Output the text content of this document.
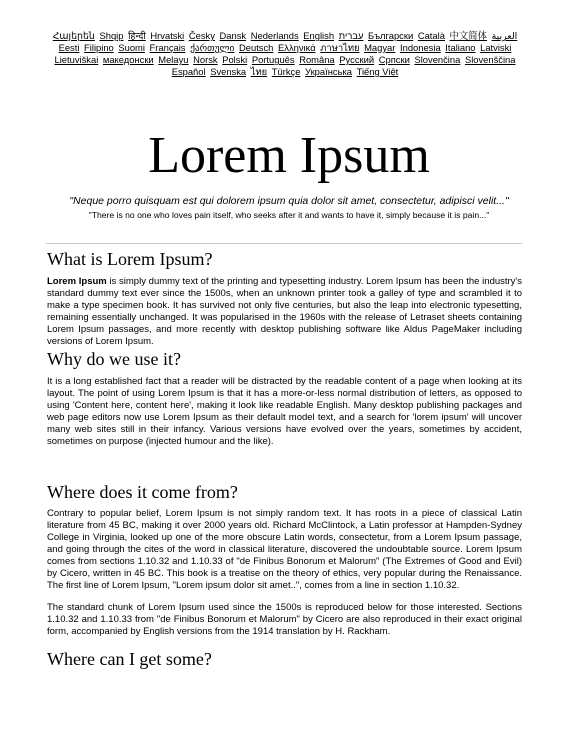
Հայերեն Shqip	‫العربية Български Català 中文简体 ‫עברית हिन्दी Hrvatski Česky Dansk Nederlands English Eesti Filipino Suomi Français ქართული Deutsch Ελληνικά ภาษาไทย Magyar Indonesia Italiano Latviski Lietuviškai македонски Melayu Norsk Polski Português Româna Pyccкий Српски Slovenčina Slovenščina Español Svenska ไทย Türkçe Українська Tiếng Việt
Lorem Ipsum

"Neque porro quisquam est qui dolorem ipsum quia dolor sit amet, consectetur, adipisci velit..."

"There is no one who loves pain itself, who seeks after it and wants to have it, simply because it is pain..."

What is Lorem Ipsum?

Lorem Ipsum is simply dummy text of the printing and typesetting industry. Lorem Ipsum has been the industry's standard dummy text ever since the 1500s, when an unknown printer took a galley of type and scrambled it to make a type specimen book. It has survived not only five centuries, but also the leap into electronic typesetting, remaining essentially unchanged. It was popularised in the 1960s with the release of Letraset sheets containing Lorem Ipsum passages, and more recently with desktop publishing software like Aldus PageMaker including versions of Lorem Ipsum.

Why do we use it?

It is a long established fact that a reader will be distracted by the readable content of a page when looking at its layout. The point of using Lorem Ipsum is that it has a more-or-less normal distribution of letters, as opposed to using 'Content here, content here', making it look like readable English. Many desktop publishing packages and web page editors now use Lorem Ipsum as their default model text, and a search for 'lorem ipsum' will uncover many web sites still in their infancy. Various versions have evolved over the years, sometimes by accident, sometimes on purpose (injected humour and the like).

Where does it come from?

Contrary to popular belief, Lorem Ipsum is not simply random text. It has roots in a piece of classical Latin literature from 45 BC, making it over 2000 years old. Richard McClintock, a Latin professor at Hampden-Sydney College in Virginia, looked up one of the more obscure Latin words, consectetur, from a Lorem Ipsum passage, and going through the cites of the word in classical literature, discovered the undoubtable source. Lorem Ipsum comes from sections 1.10.32 and 1.10.33 of "de Finibus Bonorum et Malorum" (The Extremes of Good and Evil) by Cicero, written in 45 BC. This book is a treatise on the theory of ethics, very popular during the Renaissance. The first line of Lorem Ipsum, "Lorem ipsum dolor sit amet..", comes from a line in section 1.10.32.

The standard chunk of Lorem Ipsum used since the 1500s is reproduced below for those interested. Sections 1.10.32 and 1.10.33 from "de Finibus Bonorum et Malorum" by Cicero are also reproduced in their exact original form, accompanied by English versions from the 1914 translation by H. Rackham.

Where can I get some?
